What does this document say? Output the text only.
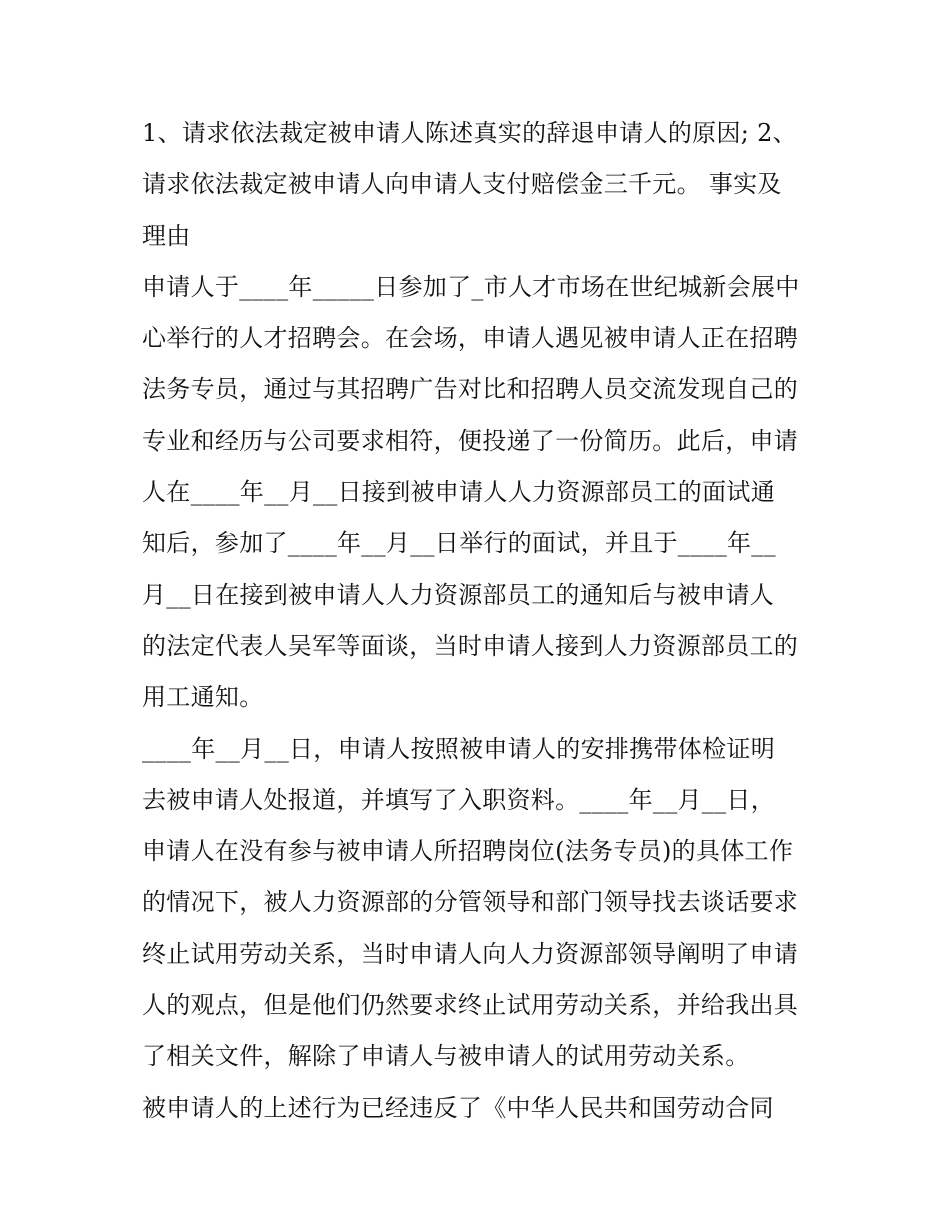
1、请求依法裁定被申请人陈述真实的辞退申请人的原因; 2、
请求依法裁定被申请人向申请人支付赔偿金三千元。 事实及
理由
申请人于____年_____日参加了_市人才市场在世纪城新会展中
心举行的人才招聘会。在会场，申请人遇见被申请人正在招聘
法务专员，通过与其招聘广告对比和招聘人员交流发现自己的
专业和经历与公司要求相符，便投递了一份简历。此后，申请
人在____年__月__日接到被申请人人力资源部员工的面试通
知后，参加了____年__月__日举行的面试，并且于____年__
月__日在接到被申请人人力资源部员工的通知后与被申请人
的法定代表人吴军等面谈，当时申请人接到人力资源部员工的
用工通知。
____年__月__日，申请人按照被申请人的安排携带体检证明
去被申请人处报道，并填写了入职资料。____年__月__日，
申请人在没有参与被申请人所招聘岗位(法务专员)的具体工作
的情况下，被人力资源部的分管领导和部门领导找去谈话要求
终止试用劳动关系，当时申请人向人力资源部领导阐明了申请
人的观点，但是他们仍然要求终止试用劳动关系，并给我出具
了相关文件，解除了申请人与被申请人的试用劳动关系。
被申请人的上述行为已经违反了《中华人民共和国劳动合同
